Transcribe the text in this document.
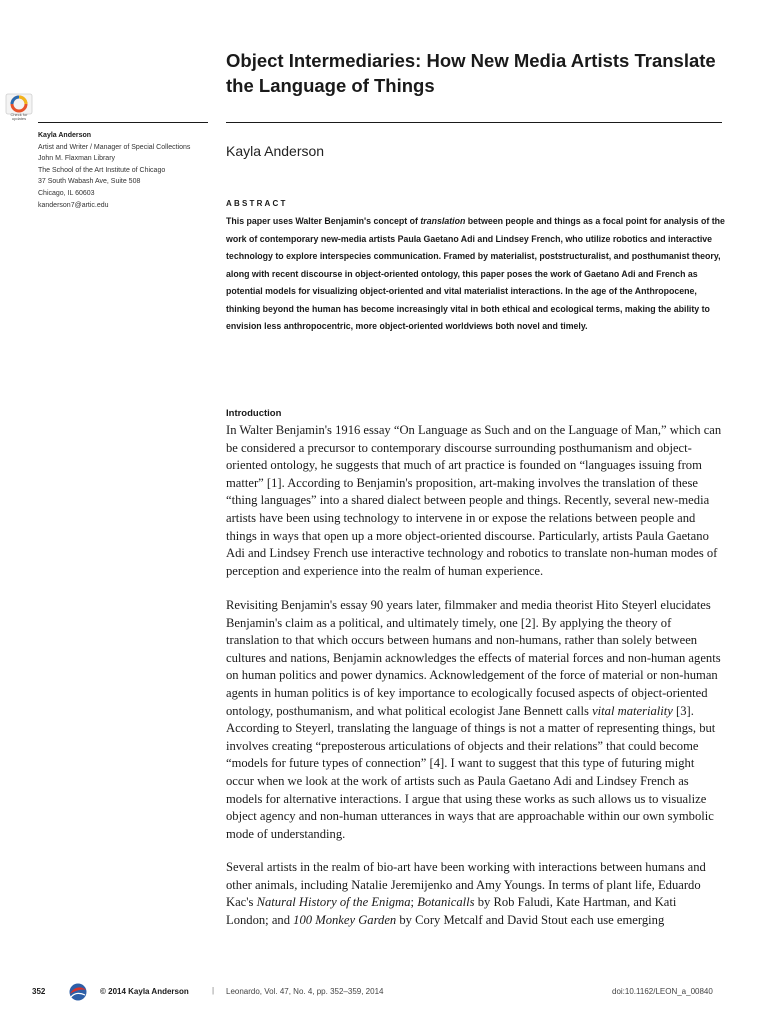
Object Intermediaries: How New Media Artists Translate the Language of Things
Check for updates
Kayla Anderson
Artist and Writer / Manager of Special Collections
John M. Flaxman Library
The School of the Art Institute of Chicago
37 South Wabash Ave, Suite 508
Chicago, IL 60603
kanderson7@artic.edu
Kayla Anderson
ABSTRACT

This paper uses Walter Benjamin's concept of translation between people and things as a focal point for analysis of the work of contemporary new-media artists Paula Gaetano Adi and Lindsey French, who utilize robotics and interactive technology to explore interspecies communication. Framed by materialist, poststructuralist, and posthumanist theory, along with recent discourse in object-oriented ontology, this paper poses the work of Gaetano Adi and French as potential models for visualizing object-oriented and vital materialist interactions. In the age of the Anthropocene, thinking beyond the human has become increasingly vital in both ethical and ecological terms, making the ability to envision less anthropocentric, more object-oriented worldviews both novel and timely.

Introduction

In Walter Benjamin's 1916 essay “On Language as Such and on the Language of Man,” which can be considered a precursor to contemporary discourse surrounding posthumanism and object-oriented ontology, he suggests that much of art practice is founded on “languages issuing from matter” [1]. According to Benjamin's proposition, art-making involves the translation of these “thing languages” into a shared dialect between people and things. Recently, several new-media artists have been using technology to intervene in or expose the relations between people and things in ways that open up a more object-oriented discourse. Particularly, artists Paula Gaetano Adi and Lindsey French use interactive technology and robotics to translate non-human modes of perception and experience into the realm of human experience.

Revisiting Benjamin's essay 90 years later, filmmaker and media theorist Hito Steyerl elucidates Benjamin's claim as a political, and ultimately timely, one [2]. By applying the theory of translation to that which occurs between humans and non-humans, rather than solely between cultures and nations, Benjamin acknowledges the effects of material forces and non-human agents on human politics and power dynamics. Acknowledgement of the force of material or non-human agents in human politics is of key importance to ecologically focused aspects of object-oriented ontology, posthumanism, and what political ecologist Jane Bennett calls vital materiality [3]. According to Steyerl, translating the language of things is not a matter of representing things, but involves creating “preposterous articulations of objects and their relations” that could become “models for future types of connection” [4]. I want to suggest that this type of futuring might occur when we look at the work of artists such as Paula Gaetano Adi and Lindsey French as models for alternative interactions. I argue that using these works as such allows us to visualize object agency and non-human utterances in ways that are approachable within our own symbolic mode of understanding.

Several artists in the realm of bio-art have been working with interactions between humans and other animals, including Natalie Jeremijenko and Amy Youngs. In terms of plant life, Eduardo Kac's Natural History of the Enigma; Botanicalls by Rob Faludi, Kate Hartman, and Kati London; and 100 Monkey Garden by Cory Metcalf and David Stout each use emerging

352	© 2014 Kayla Anderson	| Leonardo, Vol. 47, No. 4, pp. 352–359, 2014	doi:10.1162/LEON_a_00840
